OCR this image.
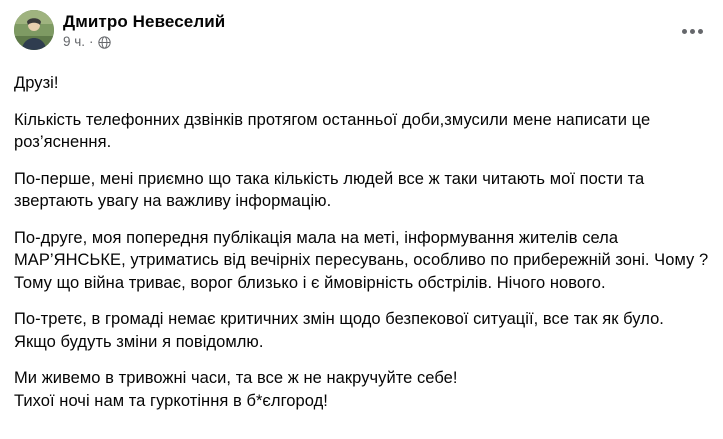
Дмитро Невеселий
9 ч. ·

Друзі!

Кількість телефонних дзвінків протягом останньої доби,змусили мене написати це роз’яснення.

По-перше, мені приємно що така кількість людей все ж таки читають мої пости та звертають увагу на важливу інформацію.

По-друге, моя попередня публікація мала на меті, інформування жителів села МАР’ЯНСЬКЕ, утриматись від вечірніх пересувань, особливо по прибережній зоні. Чому ? Тому що війна триває, ворог близько і є ймовірність обстрілів. Нічого нового.

По-третє, в громаді немає критичних змін щодо безпекової ситуації, все так як було. Якщо будуть зміни я повідомлю.

Ми живемо в тривожні часи, та все ж не накручуйте себе!

Тихої ночі нам та гуркотіння в б*єлгород!
